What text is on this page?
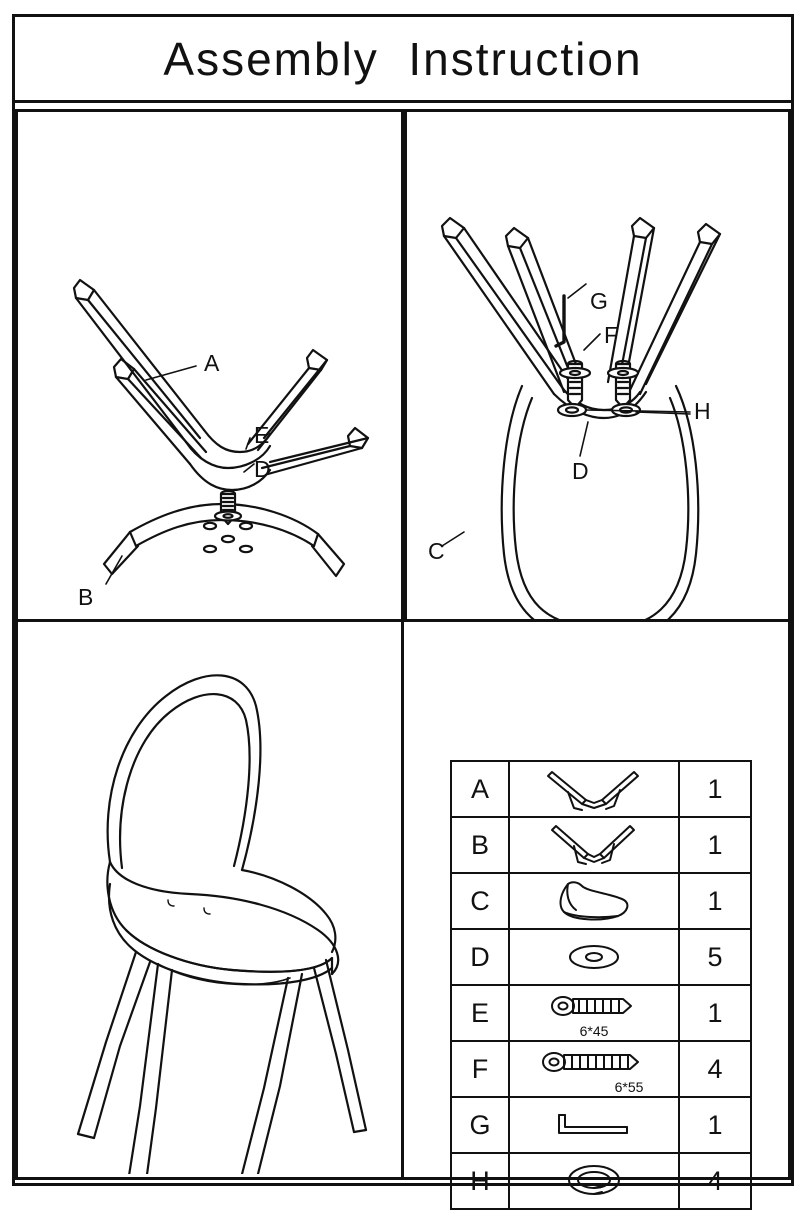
Assembly  Instruction
A
E
D
B
G
F
H
D
C
A		1
B		1
C		1
D		5
E	6*45	1
F	6*55	4
G		1
H		4
